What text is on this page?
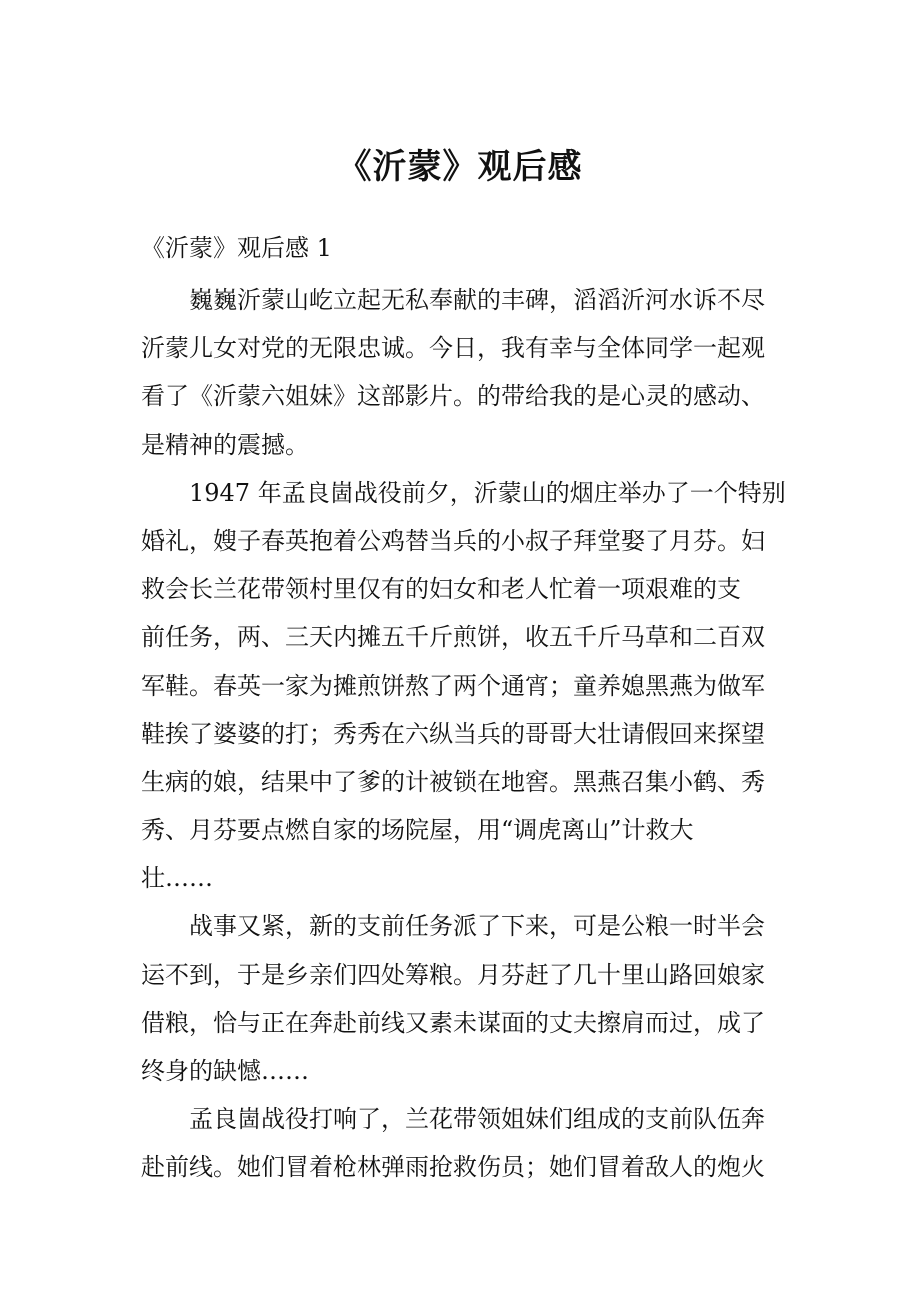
《沂蒙》观后感
《沂蒙》观后感 1
　　巍巍沂蒙山屹立起无私奉献的丰碑，滔滔沂河水诉不尽
沂蒙儿女对党的无限忠诚。今日，我有幸与全体同学一起观
看了《沂蒙六姐妹》这部影片。的带给我的是心灵的感动、
是精神的震撼。
　　1947 年孟良崮战役前夕，沂蒙山的烟庄举办了一个特别
婚礼，嫂子春英抱着公鸡替当兵的小叔子拜堂娶了月芬。妇
救会长兰花带领村里仅有的妇女和老人忙着一项艰难的支
前任务，两、三天内摊五千斤煎饼，收五千斤马草和二百双
军鞋。春英一家为摊煎饼熬了两个通宵；童养媳黑燕为做军
鞋挨了婆婆的打；秀秀在六纵当兵的哥哥大壮请假回来探望
生病的娘，结果中了爹的计被锁在地窖。黑燕召集小鹤、秀
秀、月芬要点燃自家的场院屋，用“调虎离山”计救大
壮……
　　战事又紧，新的支前任务派了下来，可是公粮一时半会
运不到，于是乡亲们四处筹粮。月芬赶了几十里山路回娘家
借粮，恰与正在奔赴前线又素未谋面的丈夫擦肩而过，成了
终身的缺憾……
　　孟良崮战役打响了，兰花带领姐妹们组成的支前队伍奔
赴前线。她们冒着枪林弹雨抢救伤员；她们冒着敌人的炮火
